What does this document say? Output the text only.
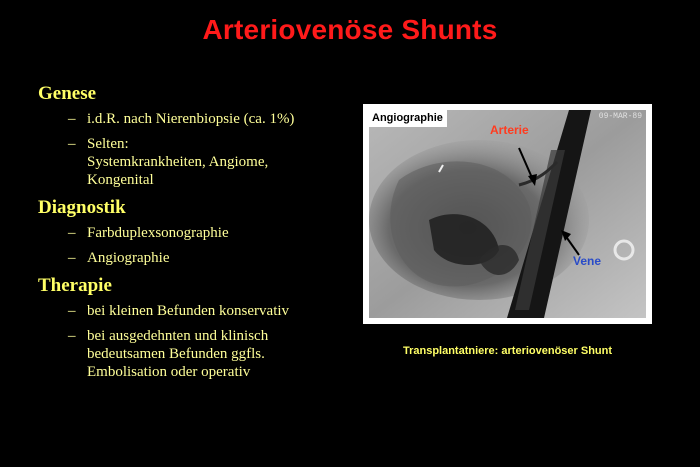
Arteriovenöse Shunts
Genese
– i.d.R. nach Nierenbiopsie (ca. 1%)
– Selten:
Systemkrankheiten, Angiome,
Kongenital
Diagnostik
– Farbduplexsonographie
– Angiographie
Therapie
– bei kleinen Befunden konservativ
– bei ausgedehnten und klinisch
bedeutsamen Befunden ggfls.
Embolisation oder operativ
Angiographie	09-MAR-89
Arterie
Vene
Transplantatniere: arteriovenöser Shunt
